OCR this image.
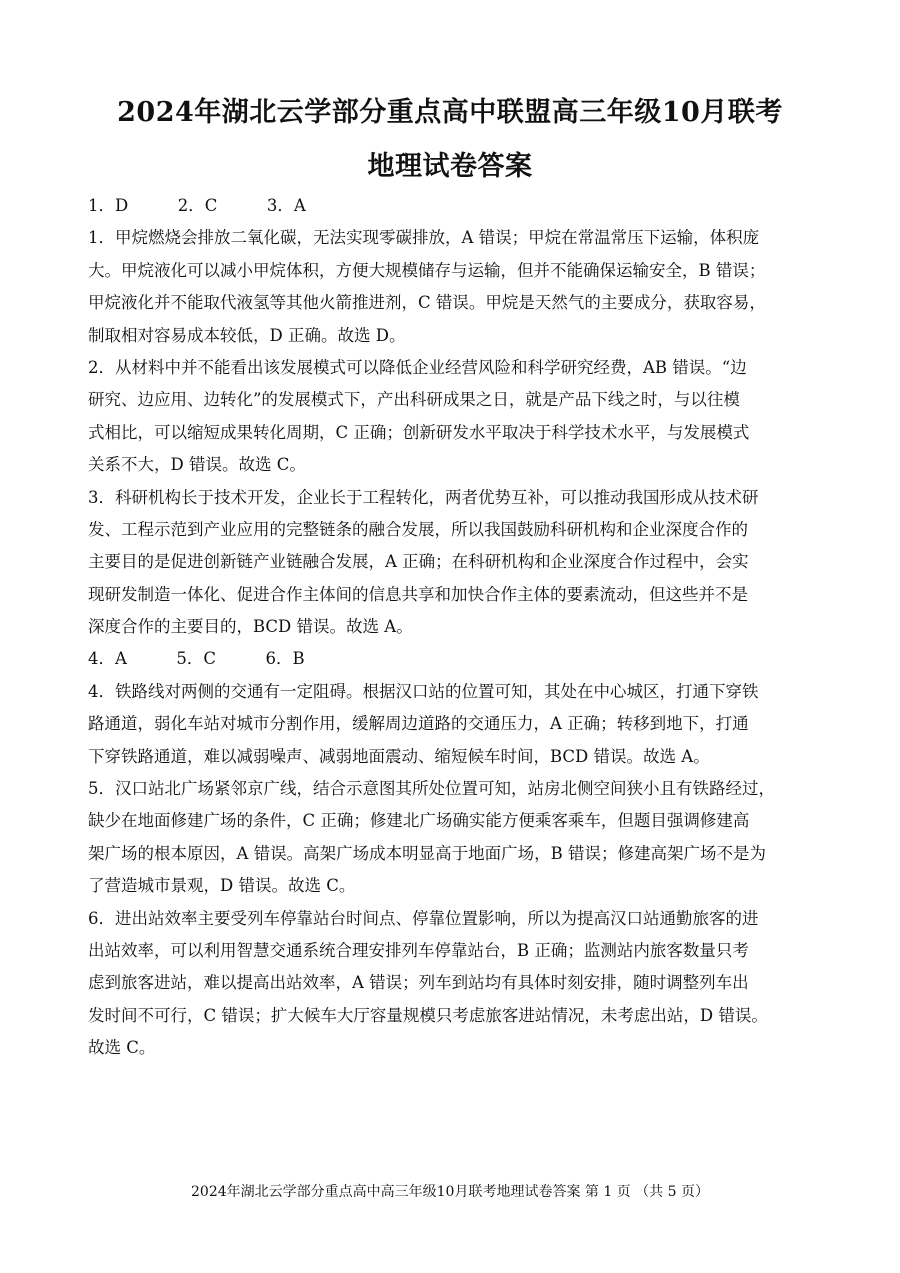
2024年湖北云学部分重点高中联盟高三年级10月联考
地理试卷答案
1．D　　　2．C　　　3．A
1．甲烷燃烧会排放二氧化碳，无法实现零碳排放，A 错误；甲烷在常温常压下运输，体积庞
大。甲烷液化可以减小甲烷体积，方便大规模储存与运输，但并不能确保运输安全，B 错误；
甲烷液化并不能取代液氢等其他火箭推进剂，C 错误。甲烷是天然气的主要成分，获取容易，
制取相对容易成本较低，D 正确。故选 D。
2．从材料中并不能看出该发展模式可以降低企业经营风险和科学研究经费，AB 错误。“边
研究、边应用、边转化”的发展模式下，产出科研成果之日，就是产品下线之时，与以往模
式相比，可以缩短成果转化周期，C 正确；创新研发水平取决于科学技术水平，与发展模式
关系不大，D 错误。故选 C。
3．科研机构长于技术开发，企业长于工程转化，两者优势互补，可以推动我国形成从技术研
发、工程示范到产业应用的完整链条的融合发展，所以我国鼓励科研机构和企业深度合作的
主要目的是促进创新链产业链融合发展，A 正确；在科研机构和企业深度合作过程中，会实
现研发制造一体化、促进合作主体间的信息共享和加快合作主体的要素流动，但这些并不是
深度合作的主要目的，BCD 错误。故选 A。
4．A　　　5．C　　　6．B
4．铁路线对两侧的交通有一定阻碍。根据汉口站的位置可知，其处在中心城区，打通下穿铁
路通道，弱化车站对城市分割作用，缓解周边道路的交通压力，A 正确；转移到地下，打通
下穿铁路通道，难以减弱噪声、减弱地面震动、缩短候车时间，BCD 错误。故选 A。
5．汉口站北广场紧邻京广线，结合示意图其所处位置可知，站房北侧空间狭小且有铁路经过，
缺少在地面修建广场的条件，C 正确；修建北广场确实能方便乘客乘车，但题目强调修建高
架广场的根本原因，A 错误。高架广场成本明显高于地面广场，B 错误；修建高架广场不是为
了营造城市景观，D 错误。故选 C。
6．进出站效率主要受列车停靠站台时间点、停靠位置影响，所以为提高汉口站通勤旅客的进
出站效率，可以利用智慧交通系统合理安排列车停靠站台，B 正确；监测站内旅客数量只考
虑到旅客进站，难以提高出站效率，A 错误；列车到站均有具体时刻安排，随时调整列车出
发时间不可行，C 错误；扩大候车大厅容量规模只考虑旅客进站情况，未考虑出站，D 错误。
故选 C。
2024年湖北云学部分重点高中高三年级10月联考地理试卷答案 第 1 页 （共 5 页）
